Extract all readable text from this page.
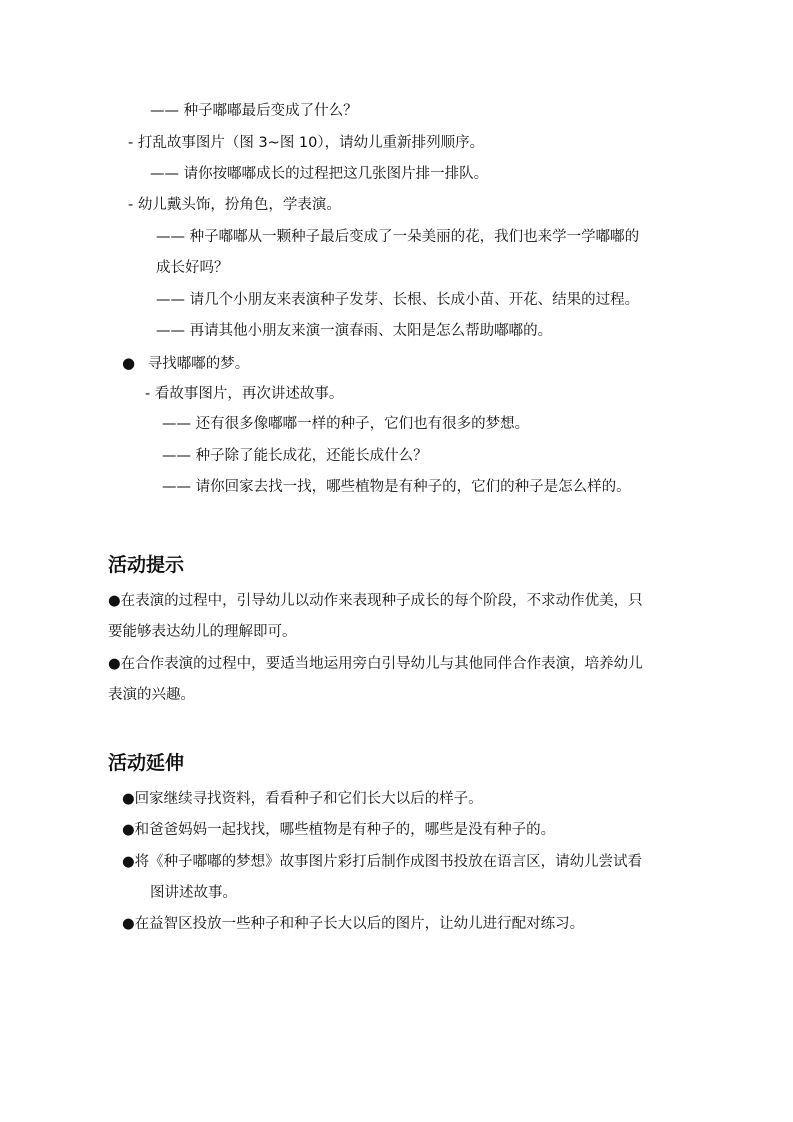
—— 种子嘟嘟最后变成了什么？
- 打乱故事图片（图 3~图 10），请幼儿重新排列顺序。
—— 请你按嘟嘟成长的过程把这几张图片排一排队。
- 幼儿戴头饰，扮角色，学表演。
—— 种子嘟嘟从一颗种子最后变成了一朵美丽的花，我们也来学一学嘟嘟的
成长好吗？
—— 请几个小朋友来表演种子发芽、长根、长成小苗、开花、结果的过程。
—— 再请其他小朋友来演一演春雨、太阳是怎么帮助嘟嘟的。
● 寻找嘟嘟的梦。
- 看故事图片，再次讲述故事。
—— 还有很多像嘟嘟一样的种子，它们也有很多的梦想。
—— 种子除了能长成花，还能长成什么？
—— 请你回家去找一找，哪些植物是有种子的，它们的种子是怎么样的。
活动提示
●在表演的过程中，引导幼儿以动作来表现种子成长的每个阶段，不求动作优美，只
要能够表达幼儿的理解即可。
●在合作表演的过程中，要适当地运用旁白引导幼儿与其他同伴合作表演，培养幼儿
表演的兴趣。
活动延伸
●回家继续寻找资料，看看种子和它们长大以后的样子。
●和爸爸妈妈一起找找，哪些植物是有种子的，哪些是没有种子的。
●将《种子嘟嘟的梦想》故事图片彩打后制作成图书投放在语言区，请幼儿尝试看
图讲述故事。
●在益智区投放一些种子和种子长大以后的图片，让幼儿进行配对练习。
